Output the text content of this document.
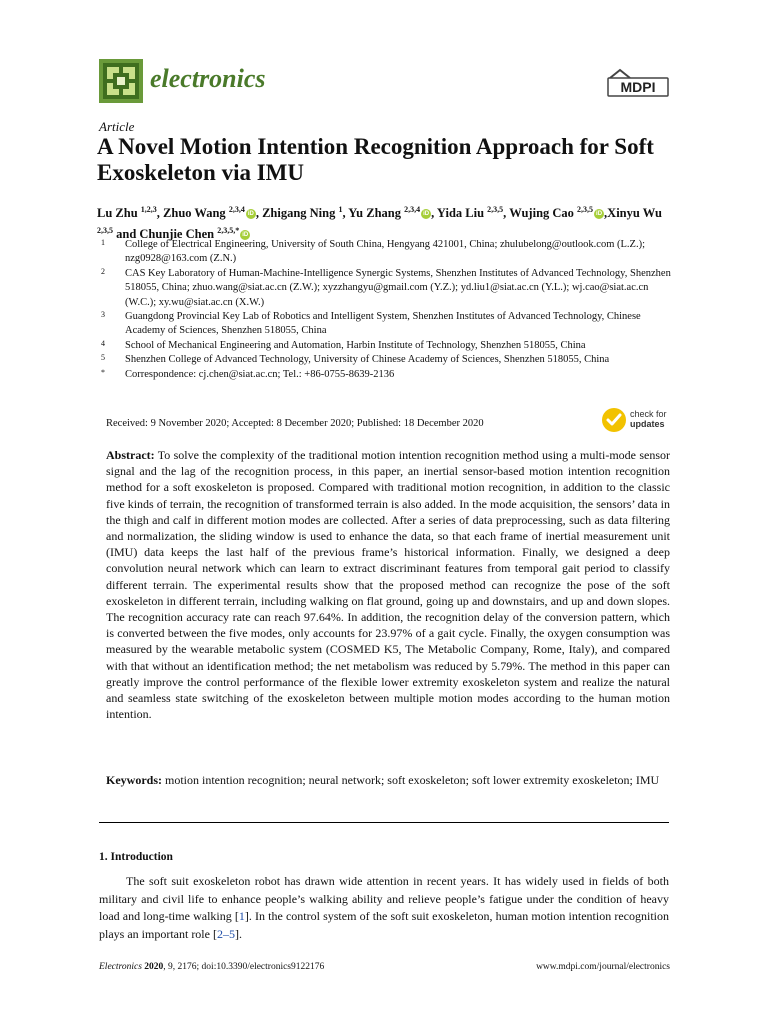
electronics	MDPI
Article
A Novel Motion Intention Recognition Approach for Soft Exoskeleton via IMU
Lu Zhu $^{1,2,3}$, Zhuo Wang $^{2,3,4}$iD , Zhigang Ning $^1$, Yu Zhang $^{2,3,4}$iD , Yida Liu $^{2,3,5}$, Wujing Cao $^{2,3,5}$iD ,Xinyu Wu $^{2,3,5}$ and Chunjie Chen $^{2,3,5,*}$iD
1 College of Electrical Engineering, University of South China, Hengyang 421001, China; zhulubelong@outlook.com (L.Z.); nzg0928@163.com (Z.N.)
2 CAS Key Laboratory of Human-Machine-Intelligence Synergic Systems, Shenzhen Institutes of Advanced Technology, Shenzhen 518055, China; zhuo.wang@siat.ac.cn (Z.W.); xyzzhangyu@gmail.com (Y.Z.); yd.liu1@siat.ac.cn (Y.L.); wj.cao@siat.ac.cn (W.C.); xy.wu@siat.ac.cn (X.W.)
3 Guangdong Provincial Key Lab of Robotics and Intelligent System, Shenzhen Institutes of Advanced Technology, Chinese Academy of Sciences, Shenzhen 518055, China
4 School of Mechanical Engineering and Automation, Harbin Institute of Technology, Shenzhen 518055, China
5 Shenzhen College of Advanced Technology, University of Chinese Academy of Sciences, Shenzhen 518055, China
* Correspondence: cj.chen@siat.ac.cn; Tel.: +86-0755-8639-2136
Received: 9 November 2020; Accepted: 8 December 2020; Published: 18 December 2020
check for
updates

Abstract: To solve the complexity of the traditional motion intention recognition method using a multi-mode sensor signal and the lag of the recognition process, in this paper, an inertial sensor-based motion intention recognition method for a soft exoskeleton is proposed. Compared with traditional motion recognition, in addition to the classic five kinds of terrain, the recognition of transformed terrain is also added. In the mode acquisition, the sensors’ data in the thigh and calf in different motion modes are collected. After a series of data preprocessing, such as data filtering and normalization, the sliding window is used to enhance the data, so that each frame of inertial measurement unit (IMU) data keeps the last half of the previous frame’s historical information. Finally, we designed a deep convolution neural network which can learn to extract discriminant features from temporal gait period to classify different terrain. The experimental results show that the proposed method can recognize the pose of the soft exoskeleton in different terrain, including walking on flat ground, going up and downstairs, and up and down slopes. The recognition accuracy rate can reach 97.64%. In addition, the recognition delay of the conversion pattern, which is converted between the five modes, only accounts for 23.97% of a gait cycle. Finally, the oxygen consumption was measured by the wearable metabolic system (COSMED K5, The Metabolic Company, Rome, Italy), and compared with that without an identification method; the net metabolism was reduced by 5.79%. The method in this paper can greatly improve the control performance of the flexible lower extremity exoskeleton system and realize the natural and seamless state switching of the exoskeleton between multiple motion modes according to the human motion intention.

Keywords: motion intention recognition; neural network; soft exoskeleton; soft lower extremity exoskeleton; IMU

1. Introduction

The soft suit exoskeleton robot has drawn wide attention in recent years. It has widely used in fields of both military and civil life to enhance people’s walking ability and relieve people’s fatigue under the condition of heavy load and long-time walking [1]. In the control system of the soft suit exoskeleton, human motion intention recognition plays an important role [2–5].

Electronics 2020, 9, 2176; doi:10.3390/electronics9122176	www.mdpi.com/journal/electronics
